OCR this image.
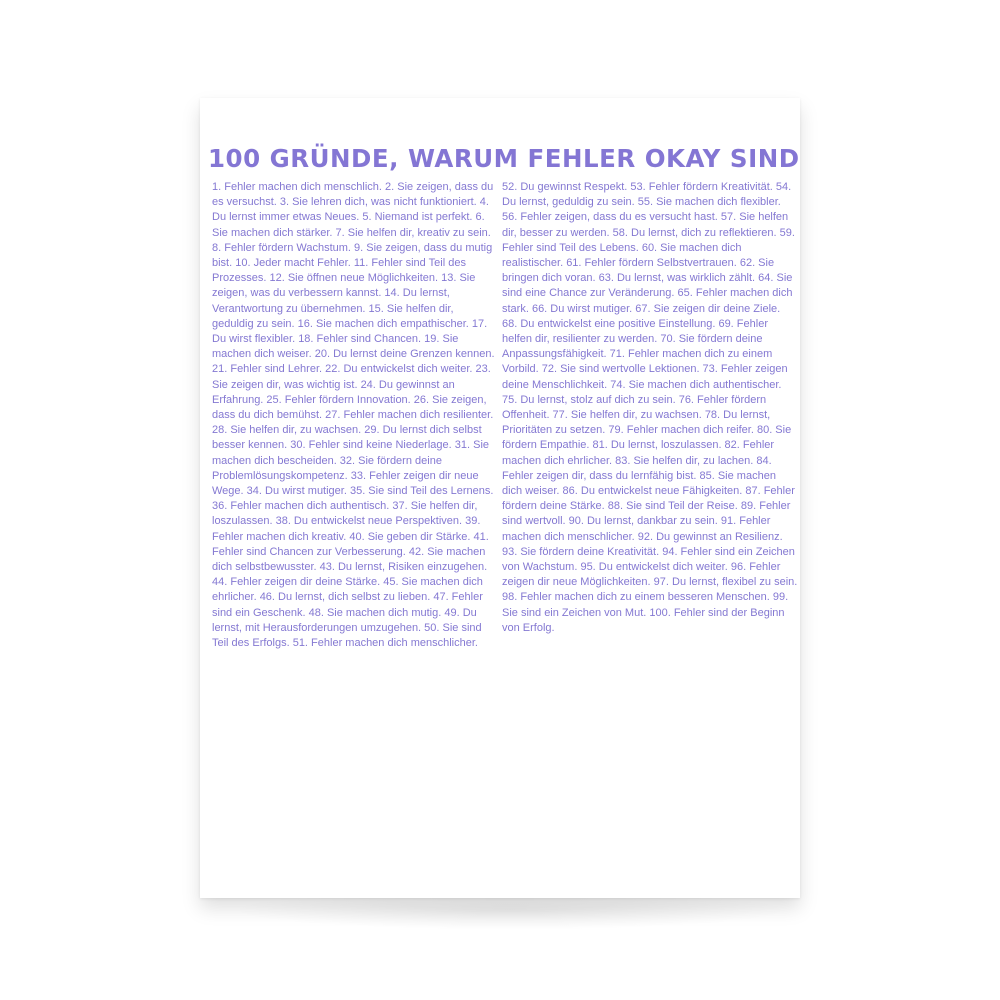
100 GRÜNDE, WARUM FEHLER OKAY SIND

1. Fehler machen dich menschlich. 2. Sie zeigen, dass du es versuchst. 3. Sie lehren dich, was nicht funktioniert. 4. Du lernst immer etwas Neues. 5. Niemand ist perfekt. 6. Sie machen dich stärker. 7. Sie helfen dir, kreativ zu sein. 8. Fehler fördern Wachstum. 9. Sie zeigen, dass du mutig bist. 10. Jeder macht Fehler. 11. Fehler sind Teil des Prozesses. 12. Sie öffnen neue Möglichkeiten. 13. Sie zeigen, was du verbessern kannst. 14. Du lernst, Verantwortung zu übernehmen. 15. Sie helfen dir, geduldig zu sein. 16. Sie machen dich empathischer. 17. Du wirst flexibler. 18. Fehler sind Chancen. 19. Sie machen dich weiser. 20. Du lernst deine Grenzen kennen. 21. Fehler sind Lehrer. 22. Du entwickelst dich weiter. 23. Sie zeigen dir, was wichtig ist. 24. Du gewinnst an Erfahrung. 25. Fehler fördern Innovation. 26. Sie zeigen, dass du dich bemühst. 27. Fehler machen dich resilienter. 28. Sie helfen dir, zu wachsen. 29. Du lernst dich selbst besser kennen. 30. Fehler sind keine Niederlage. 31. Sie machen dich bescheiden. 32. Sie fördern deine Problemlösungskompetenz. 33. Fehler zeigen dir neue Wege. 34. Du wirst mutiger. 35. Sie sind Teil des Lernens. 36. Fehler machen dich authentisch. 37. Sie helfen dir, loszulassen. 38. Du entwickelst neue Perspektiven. 39. Fehler machen dich kreativ. 40. Sie geben dir Stärke. 41. Fehler sind Chancen zur Verbesserung. 42. Sie machen dich selbstbewusster. 43. Du lernst, Risiken einzugehen. 44. Fehler zeigen dir deine Stärke. 45. Sie machen dich ehrlicher. 46. Du lernst, dich selbst zu lieben. 47. Fehler sind ein Geschenk. 48. Sie machen dich mutig. 49. Du lernst, mit Herausforderungen umzugehen. 50. Sie sind Teil des Erfolgs. 51. Fehler machen dich menschlicher.

52. Du gewinnst Respekt. 53. Fehler fördern Kreativität. 54. Du lernst, geduldig zu sein. 55. Sie machen dich flexibler. 56. Fehler zeigen, dass du es versucht hast. 57. Sie helfen dir, besser zu werden. 58. Du lernst, dich zu reflektieren. 59. Fehler sind Teil des Lebens. 60. Sie machen dich realistischer. 61. Fehler fördern Selbstvertrauen. 62. Sie bringen dich voran. 63. Du lernst, was wirklich zählt. 64. Sie sind eine Chance zur Veränderung. 65. Fehler machen dich stark. 66. Du wirst mutiger. 67. Sie zeigen dir deine Ziele. 68. Du entwickelst eine positive Einstellung. 69. Fehler helfen dir, resilienter zu werden. 70. Sie fördern deine Anpassungsfähigkeit. 71. Fehler machen dich zu einem Vorbild. 72. Sie sind wertvolle Lektionen. 73. Fehler zeigen deine Menschlichkeit. 74. Sie machen dich authentischer. 75. Du lernst, stolz auf dich zu sein. 76. Fehler fördern Offenheit. 77. Sie helfen dir, zu wachsen. 78. Du lernst, Prioritäten zu setzen. 79. Fehler machen dich reifer. 80. Sie fördern Empathie. 81. Du lernst, loszulassen. 82. Fehler machen dich ehrlicher. 83. Sie helfen dir, zu lachen. 84. Fehler zeigen dir, dass du lernfähig bist. 85. Sie machen dich weiser. 86. Du entwickelst neue Fähigkeiten. 87. Fehler fördern deine Stärke. 88. Sie sind Teil der Reise. 89. Fehler sind wertvoll. 90. Du lernst, dankbar zu sein. 91. Fehler machen dich menschlicher. 92. Du gewinnst an Resilienz. 93. Sie fördern deine Kreativität. 94. Fehler sind ein Zeichen von Wachstum. 95. Du entwickelst dich weiter. 96. Fehler zeigen dir neue Möglichkeiten. 97. Du lernst, flexibel zu sein. 98. Fehler machen dich zu einem besseren Menschen. 99. Sie sind ein Zeichen von Mut. 100. Fehler sind der Beginn von Erfolg.
